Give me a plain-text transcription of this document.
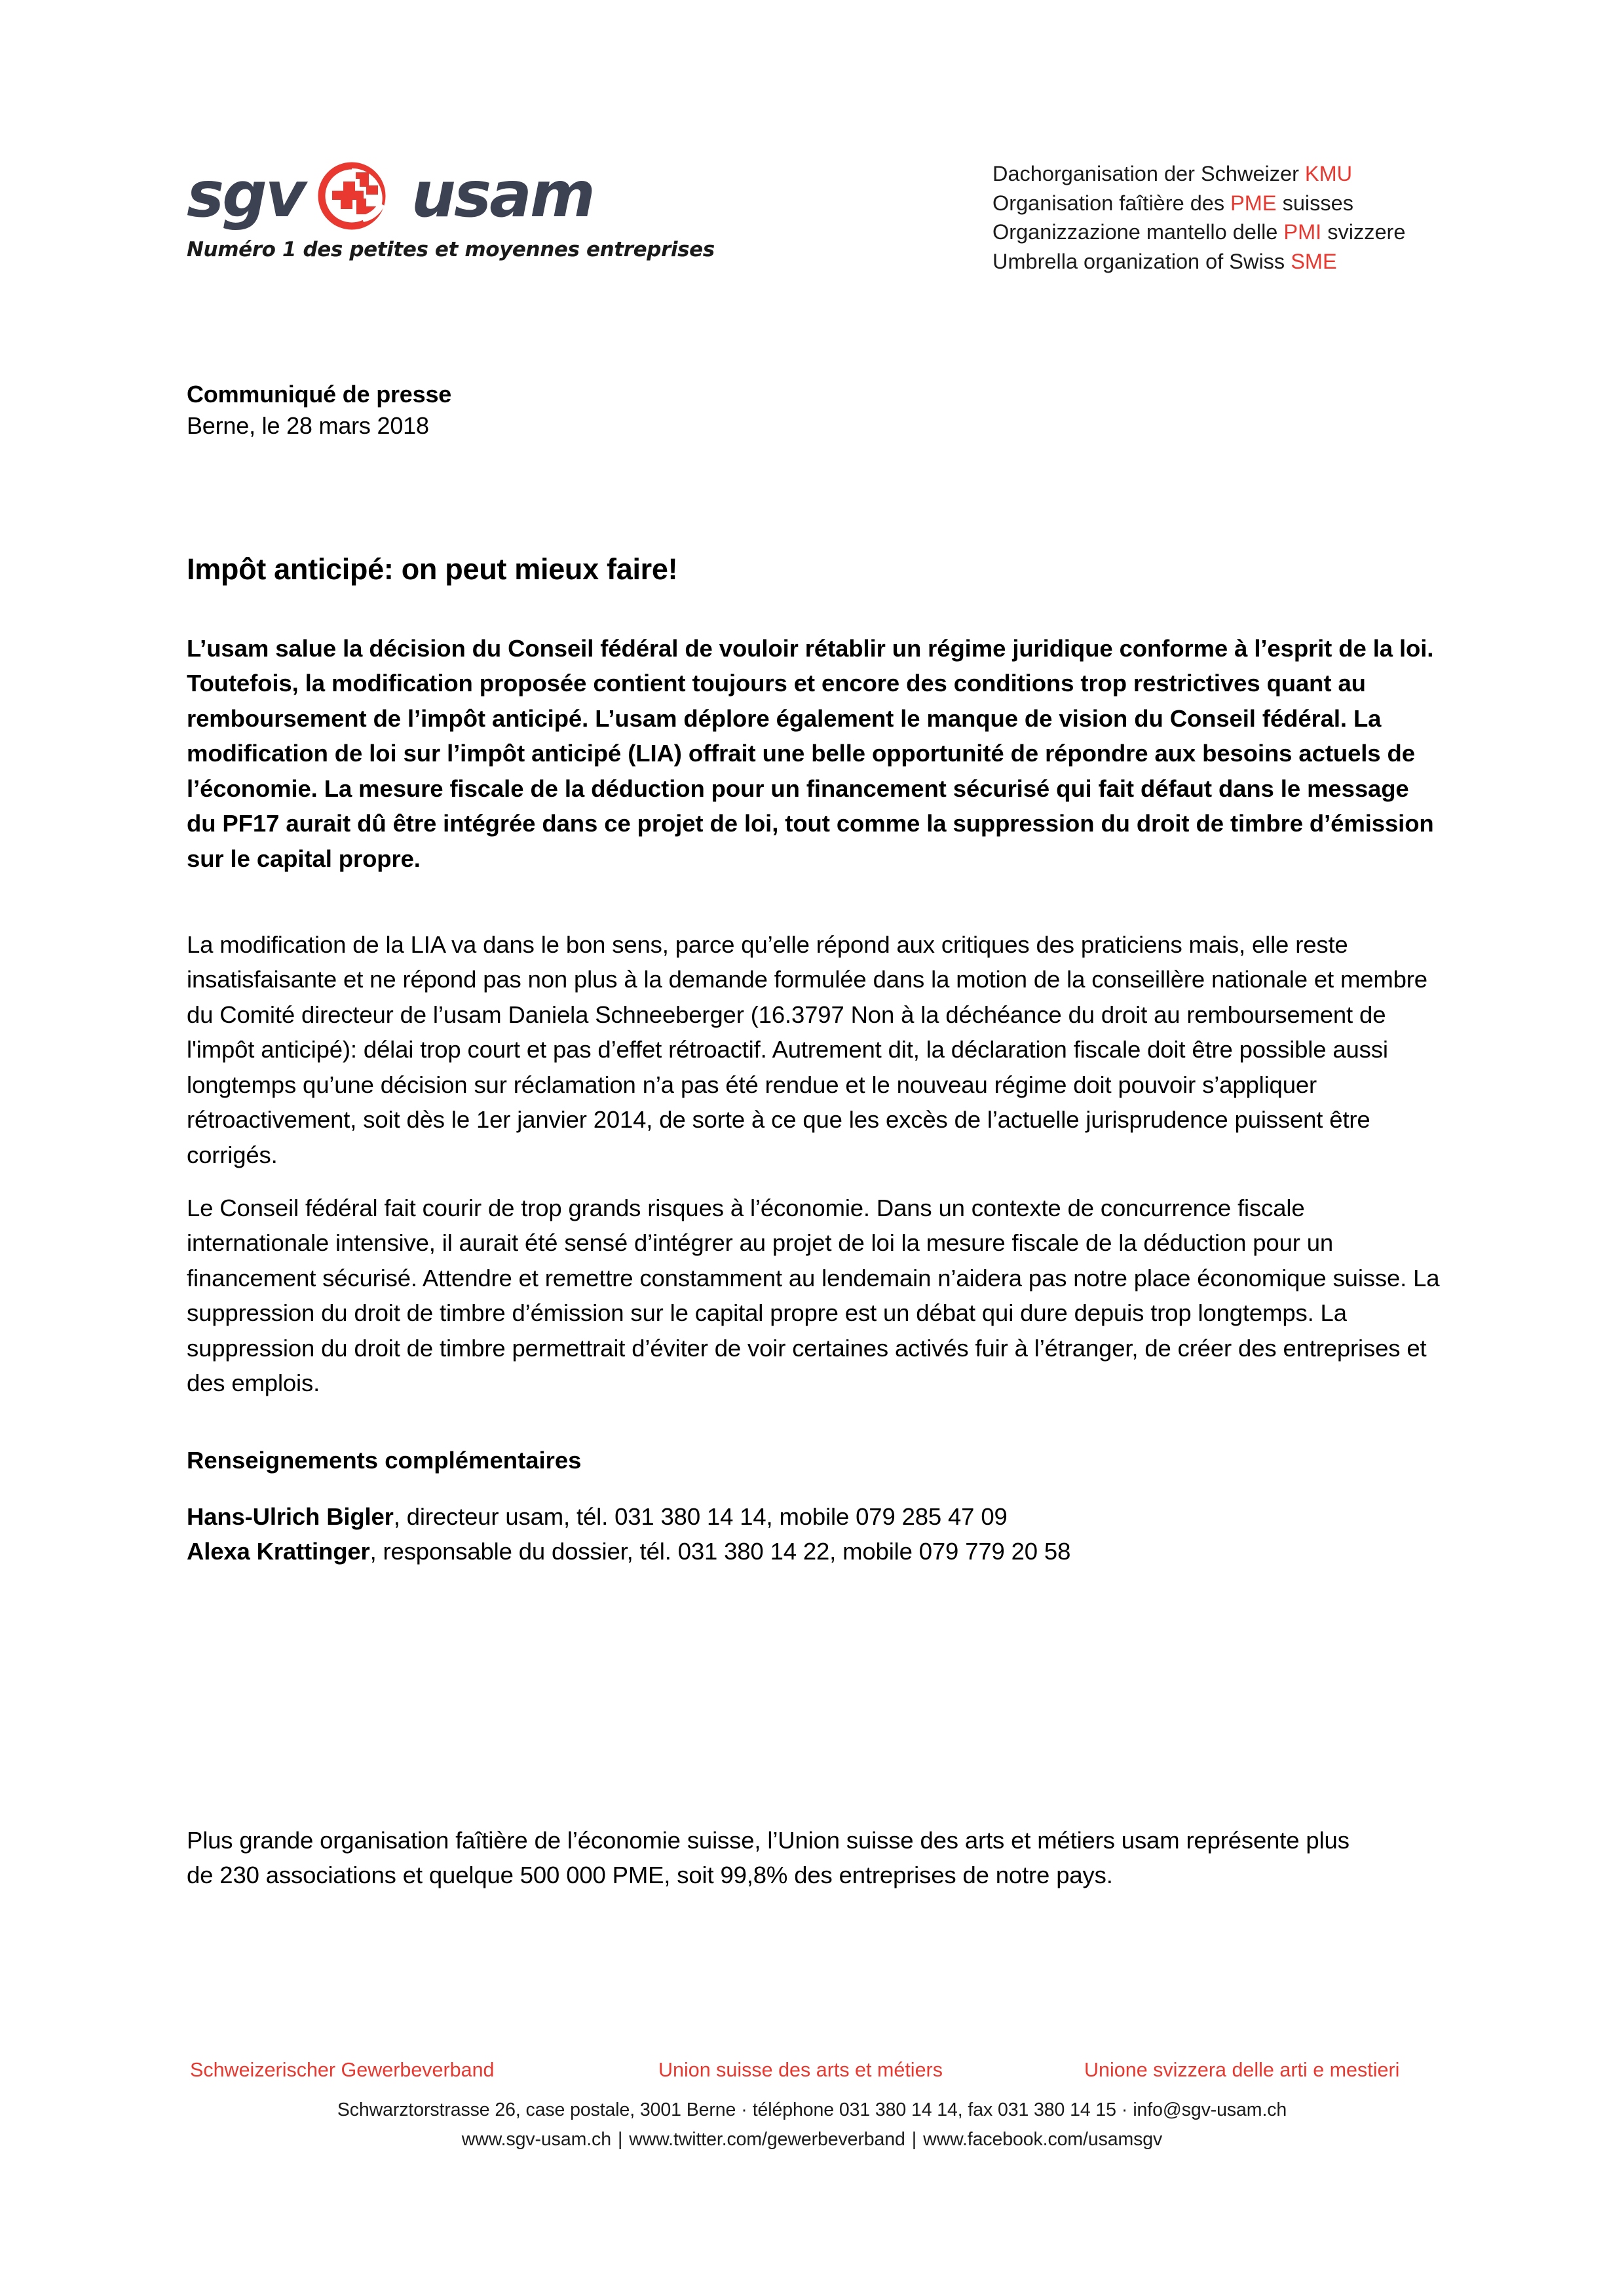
sgv usam
Numéro 1 des petites et moyennes entreprises
Dachorganisation der Schweizer KMU
Organisation faîtière des PME suisses
Organizzazione mantello delle PMI svizzere
Umbrella organization of Swiss SME
Communiqué de presse
Berne, le 28 mars 2018
Impôt anticipé: on peut mieux faire!

L’usam salue la décision du Conseil fédéral de vouloir rétablir un régime juridique conforme à l’esprit de la loi. Toutefois, la modification proposée contient toujours et encore des conditions trop restrictives quant au remboursement de l’impôt anticipé. L’usam déplore également le manque de vision du Conseil fédéral. La modification de loi sur l’impôt anticipé (LIA) offrait une belle opportunité de répondre aux besoins actuels de l’économie. La mesure fiscale de la déduction pour un financement sécurisé qui fait défaut dans le message du PF17 aurait dû être intégrée dans ce projet de loi, tout comme la suppression du droit de timbre d’émission sur le capital propre.

La modification de la LIA va dans le bon sens, parce qu’elle répond aux critiques des praticiens mais, elle reste insatisfaisante et ne répond pas non plus à la demande formulée dans la motion de la conseillère nationale et membre du Comité directeur de l’usam Daniela Schneeberger (16.3797 Non à la déchéance du droit au remboursement de l'impôt anticipé): délai trop court et pas d’effet rétroactif. Autrement dit, la déclaration fiscale doit être possible aussi longtemps qu’une décision sur réclamation n’a pas été rendue et le nouveau régime doit pouvoir s’appliquer rétroactivement, soit dès le 1er janvier 2014, de sorte à ce que les excès de l’actuelle jurisprudence puissent être corrigés.

Le Conseil fédéral fait courir de trop grands risques à l’économie. Dans un contexte de concurrence fiscale internationale intensive, il aurait été sensé d’intégrer au projet de loi la mesure fiscale de la déduction pour un financement sécurisé. Attendre et remettre constamment au lendemain n’aidera pas notre place économique suisse. La suppression du droit de timbre d’émission sur le capital propre est un débat qui dure depuis trop longtemps. La suppression du droit de timbre permettrait d’éviter de voir certaines activés fuir à l’étranger, de créer des entreprises et des emplois.

Renseignements complémentaires
Hans-Ulrich Bigler, directeur usam, tél. 031 380 14 14, mobile 079 285 47 09
Alexa Krattinger, responsable du dossier, tél. 031 380 14 22, mobile 079 779 20 58

Plus grande organisation faîtière de l’économie suisse, l’Union suisse des arts et métiers usam représente plus de 230 associations et quelque 500 000 PME, soit 99,8% des entreprises de notre pays.

Schweizerischer Gewerbeverband	Union suisse des arts et métiers	Unione svizzera delle arti e mestieri
Schwarztorstrasse 26, case postale, 3001 Berne · téléphone 031 380 14 14, fax 031 380 14 15 · info@sgv-usam.ch
www.sgv-usam.ch | www.twitter.com/gewerbeverband | www.facebook.com/usamsgv
